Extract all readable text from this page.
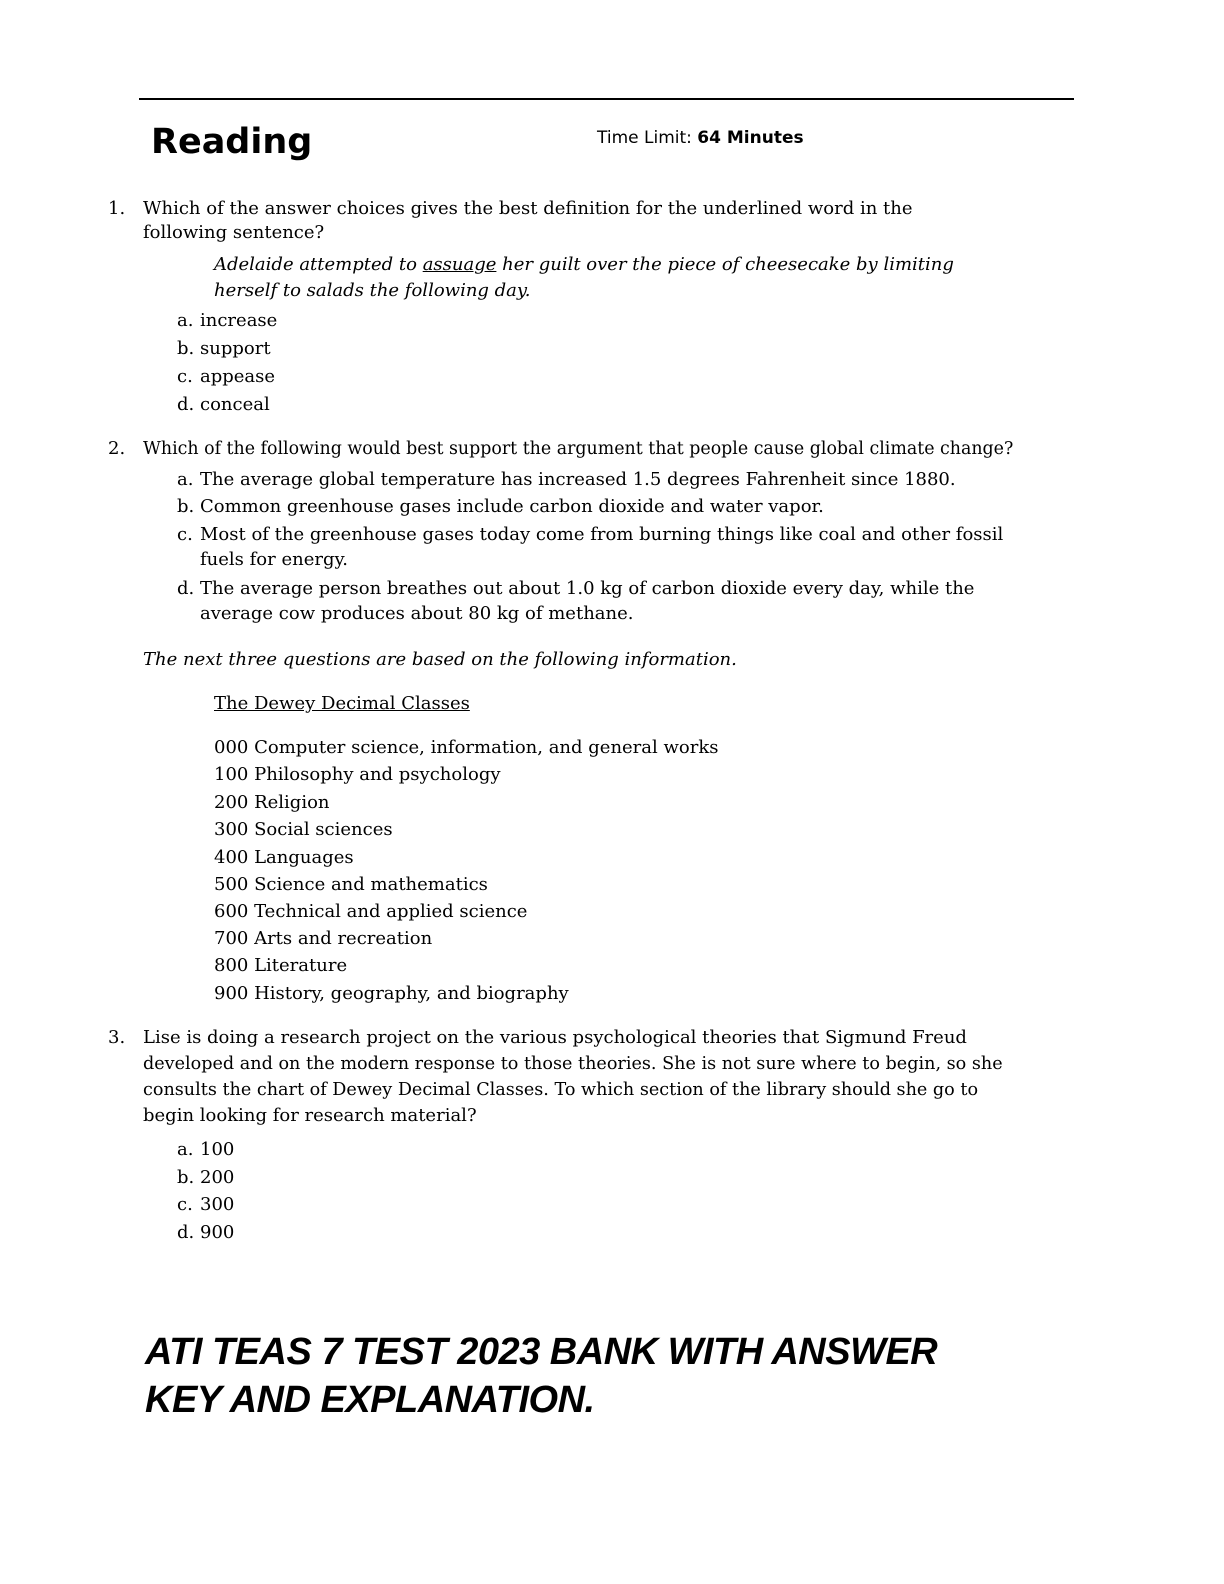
Reading	Time Limit: 64 Minutes
1. Which of the answer choices gives the best definition for the underlined word in the
following sentence?
Adelaide attempted to assuage her guilt over the piece of cheesecake by limiting
herself to salads the following day.
a. increase
b. support
c. appease
d. conceal
2. Which of the following would best support the argument that people cause global climate change?
a. The average global temperature has increased 1.5 degrees Fahrenheit since 1880.
b. Common greenhouse gases include carbon dioxide and water vapor.
c. Most of the greenhouse gases today come from burning things like coal and other fossil
fuels for energy.
d. The average person breathes out about 1.0 kg of carbon dioxide every day, while the
average cow produces about 80 kg of methane.
The next three questions are based on the following information.
The Dewey Decimal Classes
000 Computer science, information, and general works
100 Philosophy and psychology
200 Religion
300 Social sciences
400 Languages
500 Science and mathematics
600 Technical and applied science
700 Arts and recreation
800 Literature
900 History, geography, and biography
3. Lise is doing a research project on the various psychological theories that Sigmund Freud
developed and on the modern response to those theories. She is not sure where to begin, so she
consults the chart of Dewey Decimal Classes. To which section of the library should she go to
begin looking for research material?
a. 100
b. 200
c. 300
d. 900
ATI TEAS 7 TEST 2023 BANK WITH ANSWER
KEY AND EXPLANATION.
